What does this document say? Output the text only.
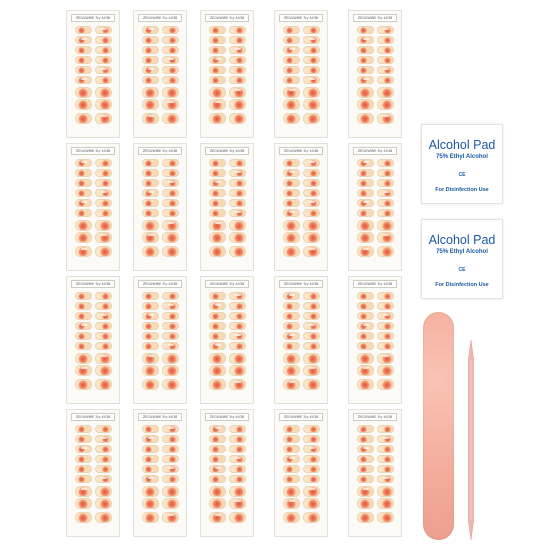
ZEGUWWE 5ly 4438	ZEGUWWE 5ly 4438	ZEGUWWE 5ly 4438	ZEGUWWE 5ly 4438	ZEGUWWE 5ly 4438
ZEGUWWE 5ly 4438	ZEGUWWE 5ly 4438	ZEGUWWE 5ly 4438	ZEGUWWE 5ly 4438	ZEGUWWE 5ly 4438
ZEGUWWE 5ly 4438	ZEGUWWE 5ly 4438	ZEGUWWE 5ly 4438	ZEGUWWE 5ly 4438	ZEGUWWE 5ly 4438
ZEGUWWE 5ly 4438	ZEGUWWE 5ly 4438	ZEGUWWE 5ly 4438	ZEGUWWE 5ly 4438	ZEGUWWE 5ly 4438
Alcohol Pad
75% Ethyl Alcohol
CE
For Disinfection Use
Alcohol Pad
75% Ethyl Alcohol
CE
For Disinfection Use
